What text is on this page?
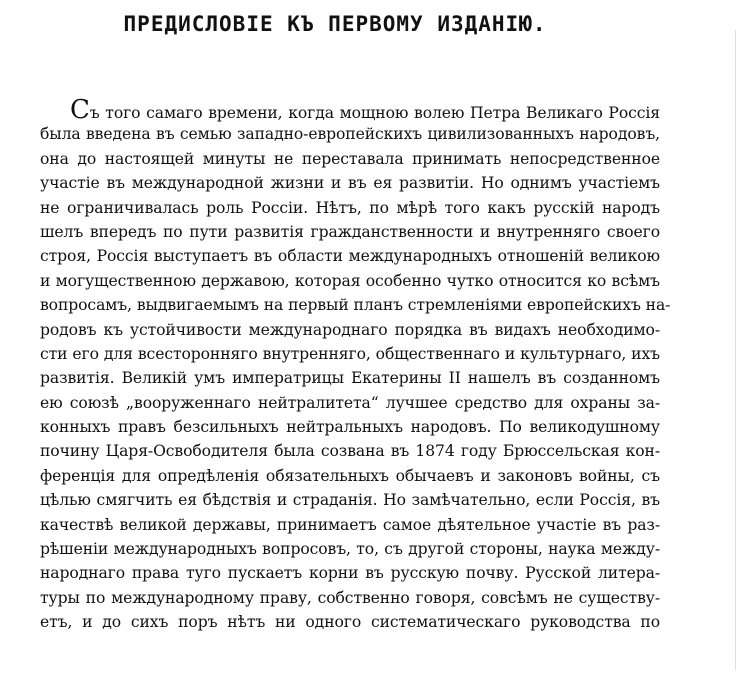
ПРЕДИСЛОВІЕ КЪ ПЕРВОМУ ИЗДАНІЮ.
Съ того самаго времени, когда мощною волею Петра Великаго Россія
была введена въ семью западно-европейскихъ цивилизованныхъ народовъ,
она до настоящей минуты не переставала принимать непосредственное
участіе въ международной жизни и въ ея развитіи. Но однимъ участіемъ
не ограничивалась роль Россіи. Нѣтъ, по мѣрѣ того какъ русскій народъ
шелъ впередъ по пути развитія гражданственности и внутренняго своего
строя, Россія выступаетъ въ области международныхъ отношеній великою
и могущественною державою, которая особенно чутко относится ко всѣмъ
вопросамъ, выдвигаемымъ на первый планъ стремленіями европейскихъ на-
родовъ къ устойчивости международнаго порядка въ видахъ необходимо-
сти его для всесторонняго внутренняго, общественнаго и культурнаго, ихъ
развитія. Великій умъ императрицы Екатерины II нашелъ въ созданномъ
ею союзѣ „вооруженнаго нейтралитета“ лучшее средство для охраны за-
конныхъ правъ безсильныхъ нейтральныхъ народовъ. По великодушному
почину Царя-Освободителя была созвана въ 1874 году Брюссельская кон-
ференція для опредѣленія обязательныхъ обычаевъ и законовъ войны, съ
цѣлью смягчить ея бѣдствія и страданія. Но замѣчательно, если Россія, въ
качествѣ великой державы, принимаетъ самое дѣятельное участіе въ раз-
рѣшеніи международныхъ вопросовъ, то, съ другой стороны, наука между-
народнаго права туго пускаетъ корни въ русскую почву. Русской литера-
туры по международному праву, собственно говоря, совсѣмъ не существу-
етъ, и до сихъ поръ нѣтъ ни одного систематическаго руководства по
